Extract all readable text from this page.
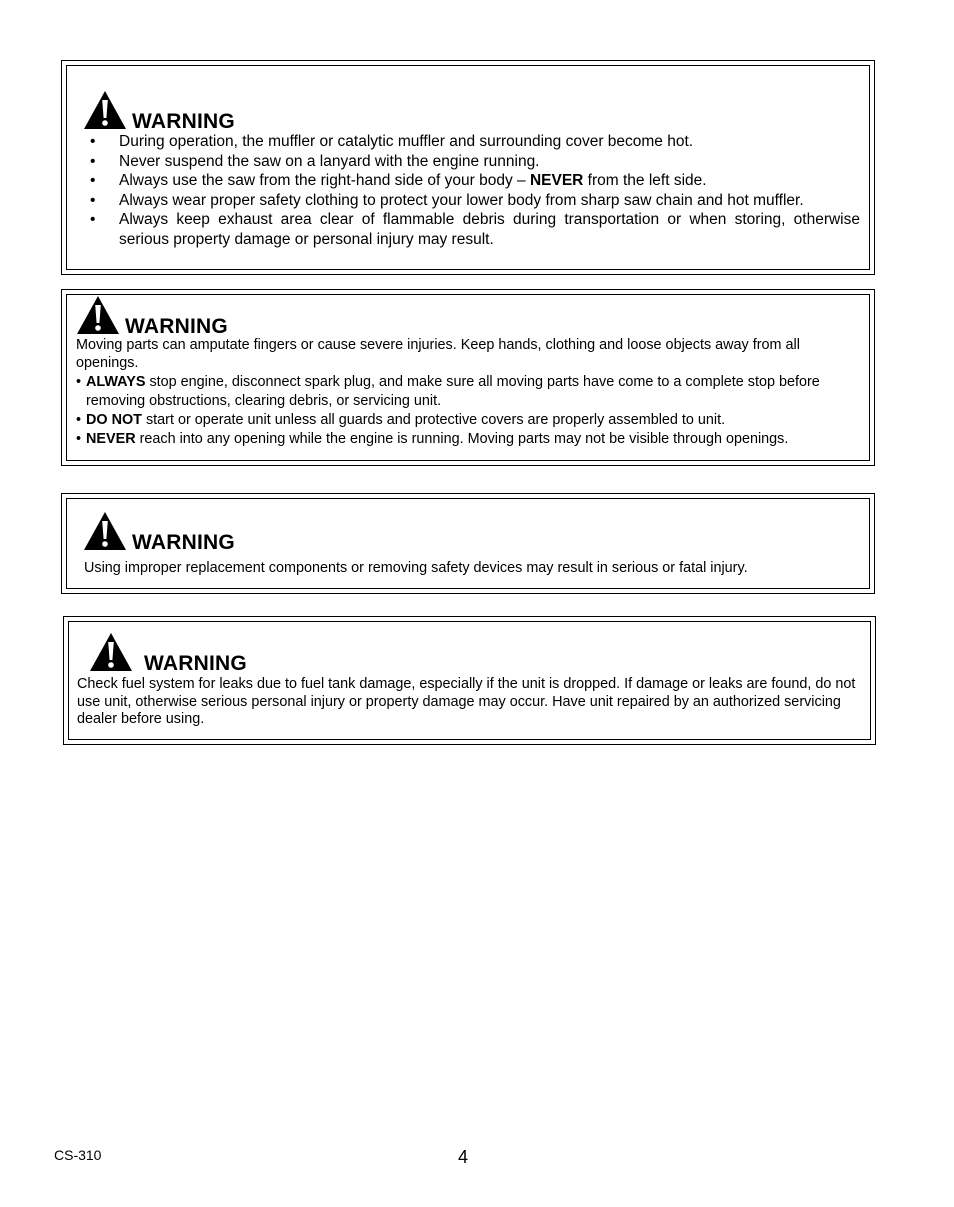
WARNING
• During operation, the muffler or catalytic muffler and surrounding cover become hot.
• Never suspend the saw on a lanyard with the engine running.
• Always use the saw from the right-hand side of your body – NEVER from the left side.
• Always wear proper safety clothing to protect your lower body from sharp saw chain and hot muffler.
• Always keep exhaust area clear of flammable debris during transportation or when storing, otherwise serious property damage or personal injury may result.
WARNING

Moving parts can amputate fingers or cause severe injuries. Keep hands, clothing and loose objects away from all openings.

• ALWAYS stop engine, disconnect spark plug, and make sure all moving parts have come to a complete stop before removing obstructions, clearing debris, or servicing unit.
• DO NOT start or operate unit unless all guards and protective covers are properly assembled to unit.
• NEVER reach into any opening while the engine is running. Moving parts may not be visible through openings.
WARNING

Using improper replacement components or removing safety devices may result in serious or fatal injury.

WARNING

Check fuel system for leaks due to fuel tank damage, especially if the unit is dropped. If damage or leaks are found, do not use unit, otherwise serious personal injury or property damage may occur. Have unit repaired by an authorized servicing dealer before using.

CS-310	4
